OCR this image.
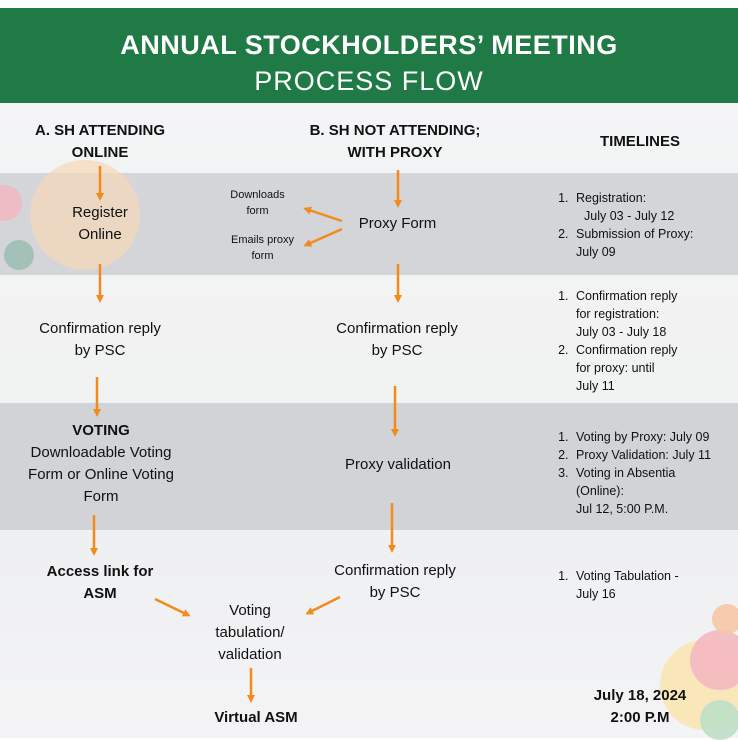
ANNUAL STOCKHOLDERS’ MEETING
PROCESS FLOW
A. SH ATTENDING
ONLINE
B. SH NOT ATTENDING;
WITH PROXY
TIMELINES
Register
Online
Confirmation reply
by PSC
VOTING
Downloadable Voting
Form or Online Voting
Form
Access link for
ASM
Downloads
form
Emails proxy
form
Proxy Form
Confirmation reply
by PSC
Proxy validation
Confirmation reply
by PSC
Voting
tabulation/
validation
Virtual ASM
1. Registration:
July 03 - July 12
2. Submission of Proxy:
July 09
1. Confirmation reply
for registration:
July 03 - July 18
2. Confirmation reply
for proxy: until
July 11
1. Voting by Proxy: July 09
2. Proxy Validation: July 11
3. Voting in Absentia
(Online):
Jul 12, 5:00 P.M.
1. Voting Tabulation -
July 16
July 18, 2024
2:00 P.M
